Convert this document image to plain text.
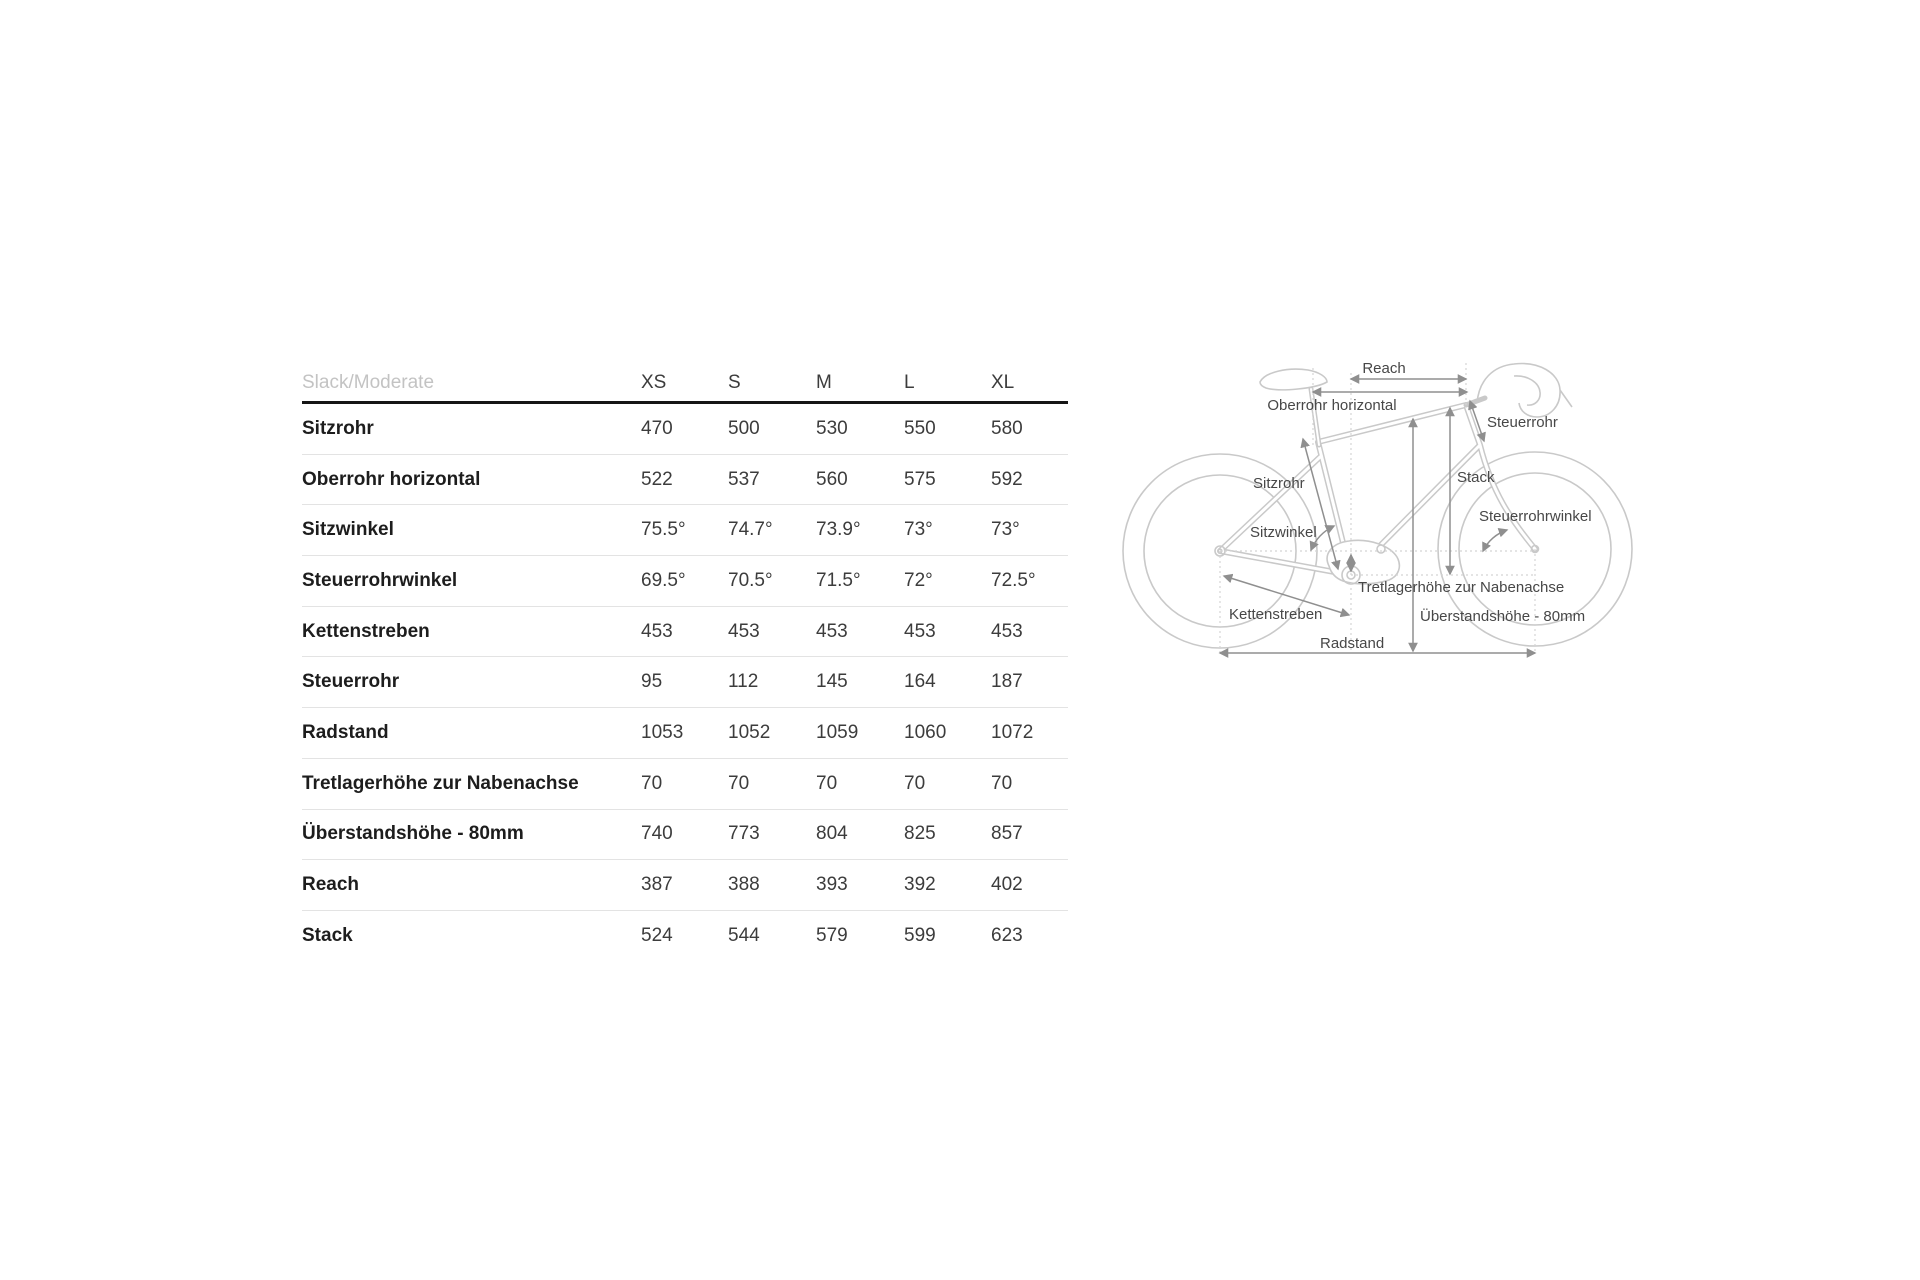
Slack/Moderate	XS	S	M	L	XL
Sitzrohr	470	500	530	550	580
Oberrohr horizontal	522	537	560	575	592
Sitzwinkel	75.5°	74.7°	73.9°	73°	73°
Steuerrohrwinkel	69.5°	70.5°	71.5°	72°	72.5°
Kettenstreben	453	453	453	453	453
Steuerrohr	95	112	145	164	187
Radstand	1053	1052	1059	1060	1072
Tretlagerhöhe zur Nabenachse	70	70	70	70	70
Überstandshöhe - 80mm	740	773	804	825	857
Reach	387	388	393	392	402
Stack	524	544	579	599	623
Reach
Oberrohr horizontal
Steuerrohr
Sitzrohr	Stack
Sitzwinkel
Steuerrohrwinkel
Tretlagerhöhe zur Nabenachse
Überstandshöhe - 80mm
Kettenstreben
Radstand
